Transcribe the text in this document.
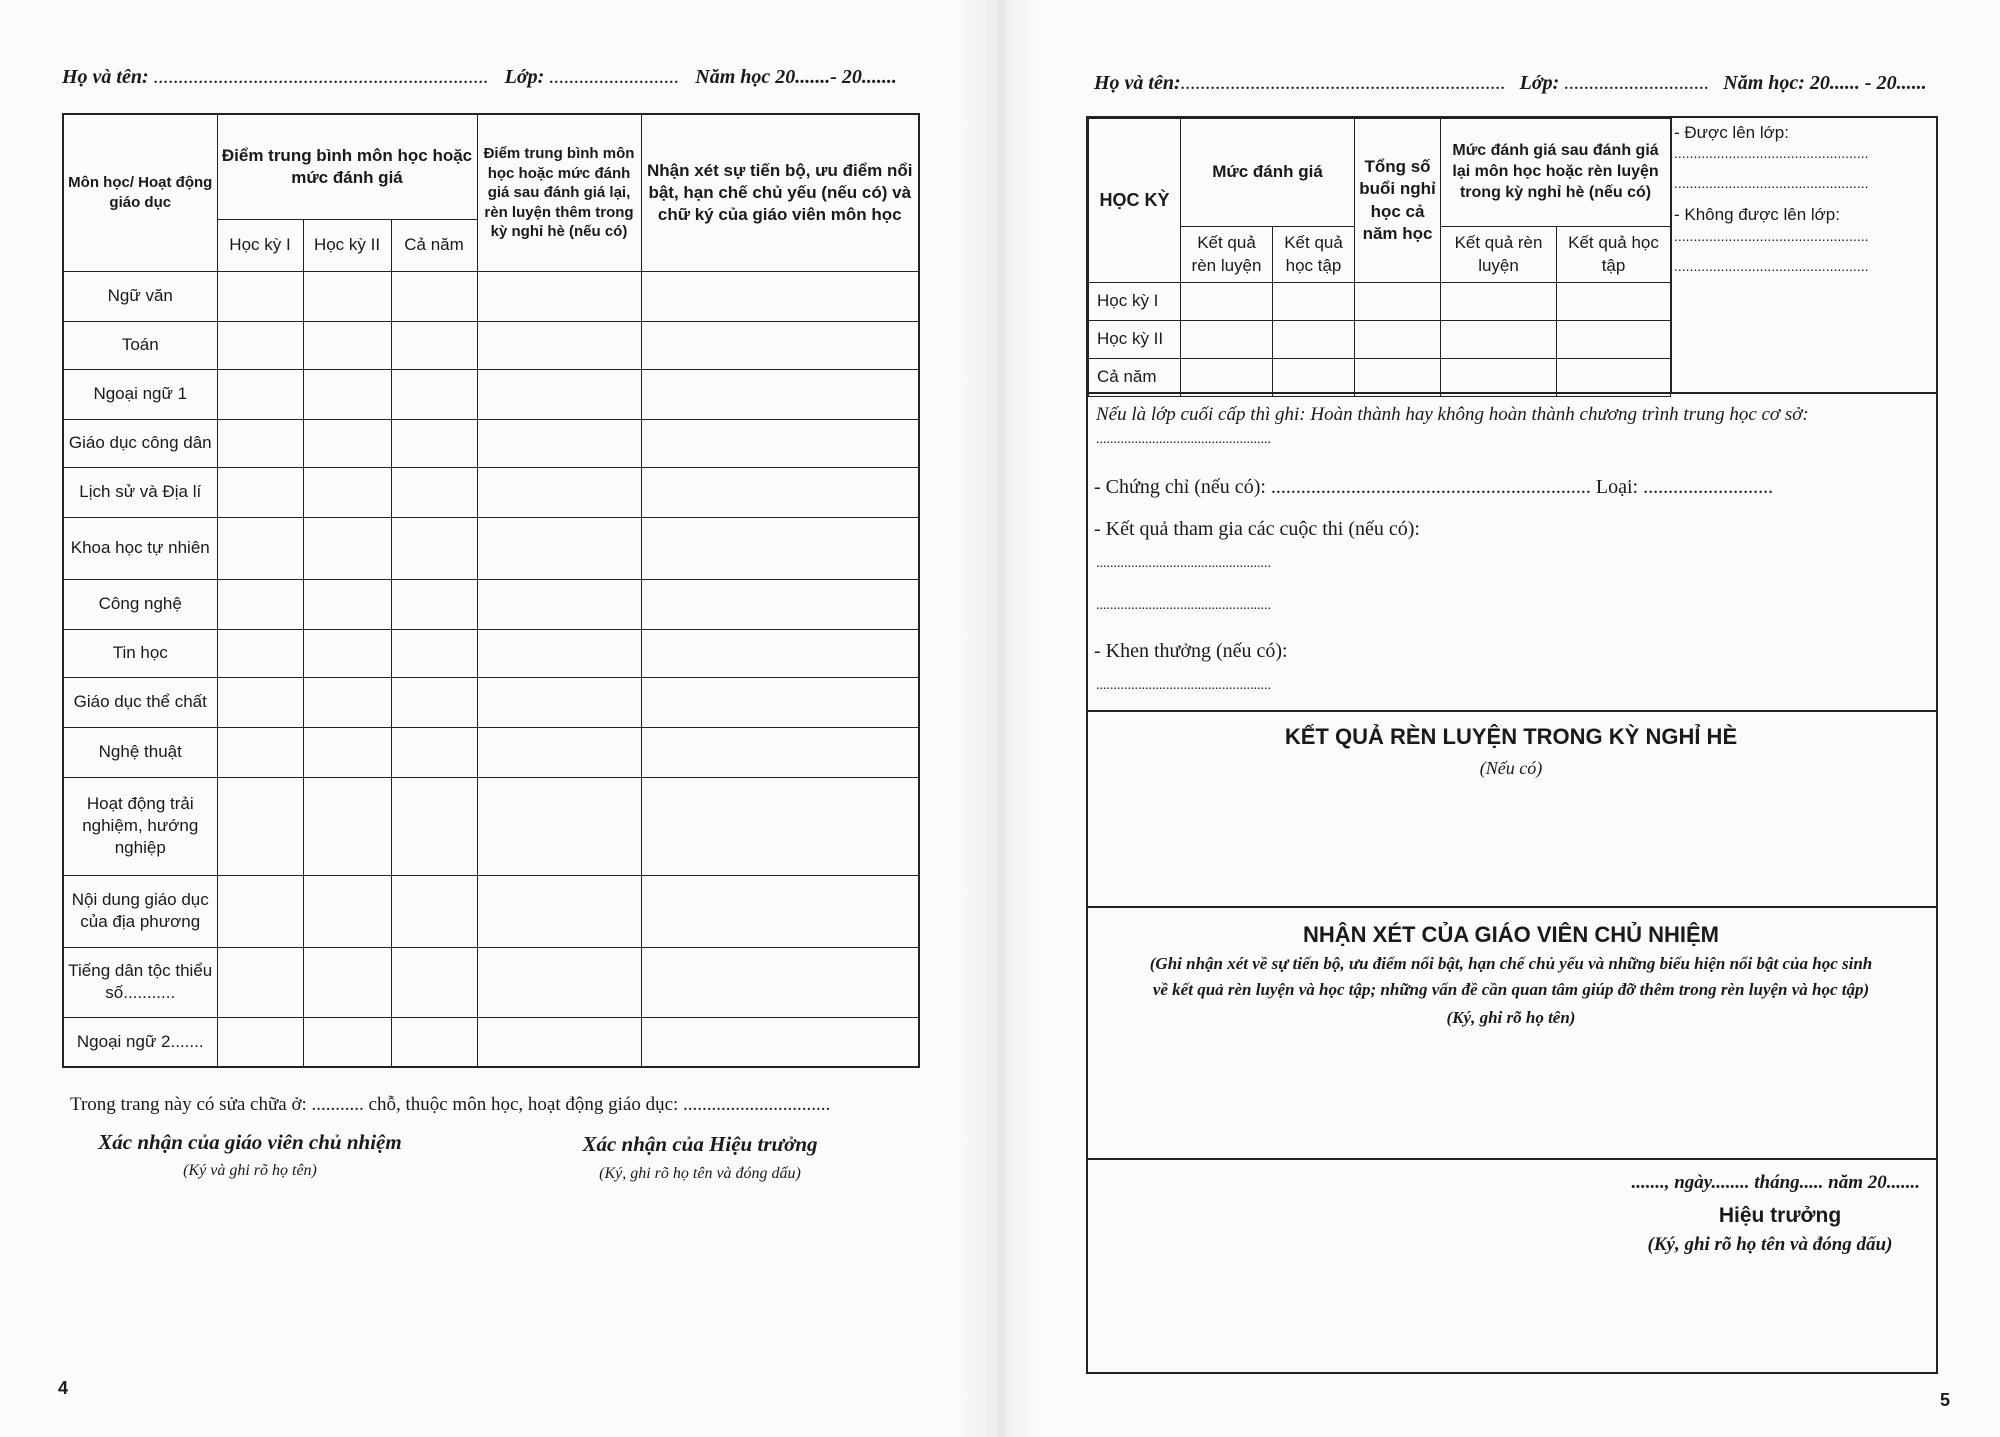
Họ và tên: ................................................................... Lớp: .......................... Năm học 20.......- 20.......
Môn học/ Hoạt động giáo dục	Điểm trung bình môn học hoặc mức đánh giá			Điểm trung bình môn học hoặc mức đánh giá sau đánh giá lại, rèn luyện thêm trong kỳ nghỉ hè (nếu có)	Nhận xét sự tiến bộ, ưu điểm nổi bật, hạn chế chủ yếu (nếu có) và chữ ký của giáo viên môn học
	Học kỳ I	Học kỳ II	Cả năm		
Ngữ văn					
Toán					
Ngoại ngữ 1					
Giáo dục công dân					
Lịch sử và Địa lí					
Khoa học tự nhiên					
Công nghệ					
Tin học					
Giáo dục thể chất					
Nghệ thuật					
Hoạt động trải nghiệm, hướng nghiệp					
Nội dung giáo dục của địa phương					
Tiếng dân tộc thiểu số...........					
Ngoại ngữ 2.......					
Trong trang này có sửa chữa ở: ........... chỗ, thuộc môn học, hoạt động giáo dục: ...............................
Xác nhận của giáo viên chủ nhiệm
(Ký và ghi rõ họ tên)
Xác nhận của Hiệu trưởng
(Ký, ghi rõ họ tên và đóng dấu)
4
Họ và tên:................................................................. Lớp: ............................. Năm học: 20...... - 20......
HỌC KỲ	Mức đánh giá		Tổng số buổi nghỉ học cả năm học	Mức đánh giá sau đánh giá lại môn học hoặc rèn luyện trong kỳ nghỉ hè (nếu có)	
	Kết quả rèn luyện	Kết quả học tập		Kết quả rèn luyện	Kết quả học tập
Học kỳ I					
Học kỳ II					
Cả năm					
- Được lên lớp:
..................................................
..................................................
- Không được lên lớp:
..................................................
..................................................
Nếu là lớp cuối cấp thì ghi: Hoàn thành hay không hoàn thành chương trình trung học cơ sở:
..................................................
- Chứng chỉ (nếu có): ................................................................ Loại: ..........................
- Kết quả tham gia các cuộc thi (nếu có):
..................................................
..................................................
- Khen thưởng (nếu có):
..................................................
KẾT QUẢ RÈN LUYỆN TRONG KỲ NGHỈ HÈ
(Nếu có)
NHẬN XÉT CỦA GIÁO VIÊN CHỦ NHIỆM
(Ghi nhận xét về sự tiến bộ, ưu điểm nổi bật, hạn chế chủ yếu và những biểu hiện nổi bật của học sinh
về kết quả rèn luyện và học tập; những vấn đề cần quan tâm giúp đỡ thêm trong rèn luyện và học tập)
(Ký, ghi rõ họ tên)
......., ngày........ tháng..... năm 20.......
Hiệu trưởng
(Ký, ghi rõ họ tên và đóng dấu)
5
